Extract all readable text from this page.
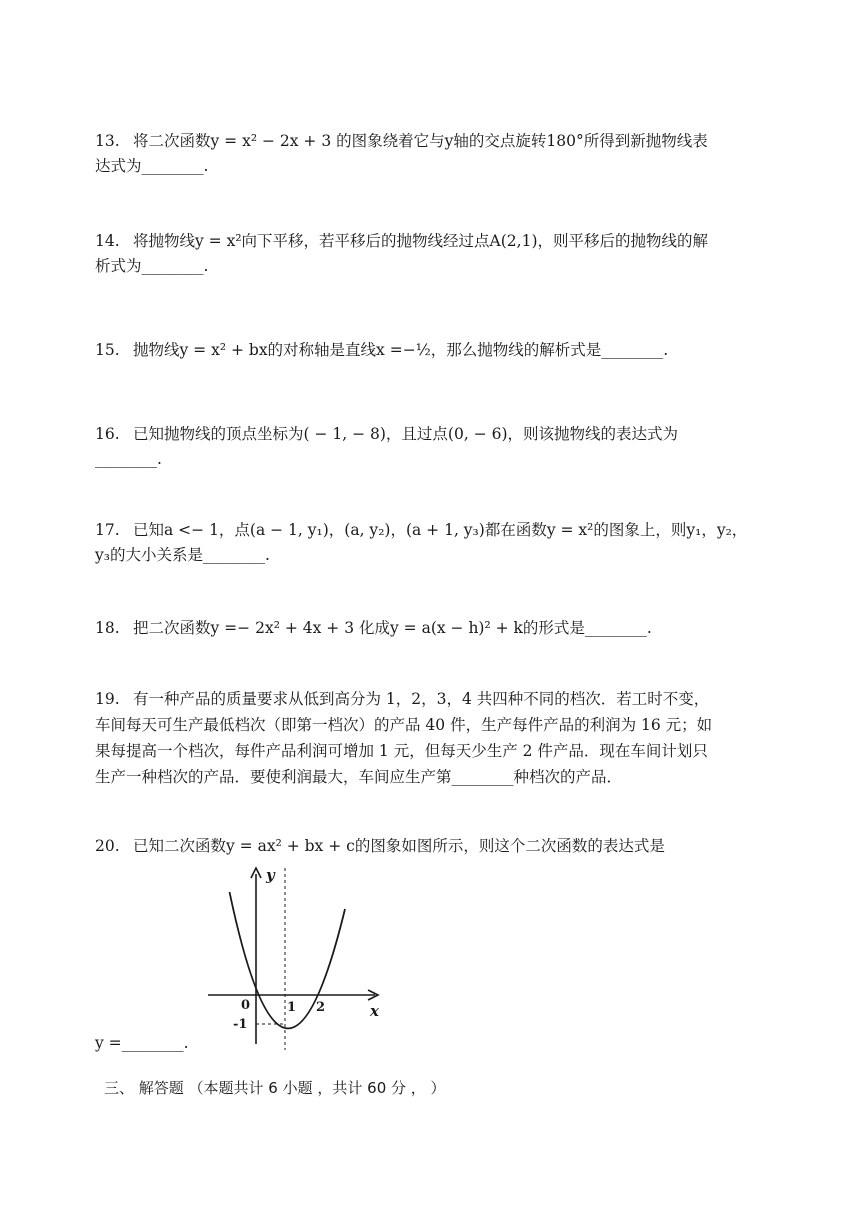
13. 将二次函数y = x² − 2x + 3 的图象绕着它与y轴的交点旋转180°所得到新抛物线表
达式为________.
14. 将抛物线y = x²向下平移，若平移后的抛物线经过点A(2,1)，则平移后的抛物线的解
析式为________.
15. 抛物线y = x² + bx的对称轴是直线x =−½，那么抛物线的解析式是________.
16. 已知抛物线的顶点坐标为( − 1, − 8)，且过点(0, − 6)，则该抛物线的表达式为
________.
17. 已知a <− 1，点(a − 1, y₁)，(a, y₂)，(a + 1, y₃)都在函数y = x²的图象上，则y₁，y₂，
y₃的大小关系是________.
18. 把二次函数y =− 2x² + 4x + 3 化成y = a(x − h)² + k的形式是________.
19. 有一种产品的质量要求从低到高分为 1，2，3，4 共四种不同的档次．若工时不变，
车间每天可生产最低档次（即第一档次）的产品 40 件，生产每件产品的利润为 16 元；如
果每提高一个档次，每件产品利润可增加 1 元，但每天少生产 2 件产品．现在车间计划只
生产一种档次的产品．要使利润最大，车间应生产第________种档次的产品．
20. 已知二次函数y = ax² + bx + c的图象如图所示，则这个二次函数的表达式是
y
x
0	1 2
-1
y =________.
三、 解答题 （本题共计 6 小题 ，共计 60 分 ， ）
